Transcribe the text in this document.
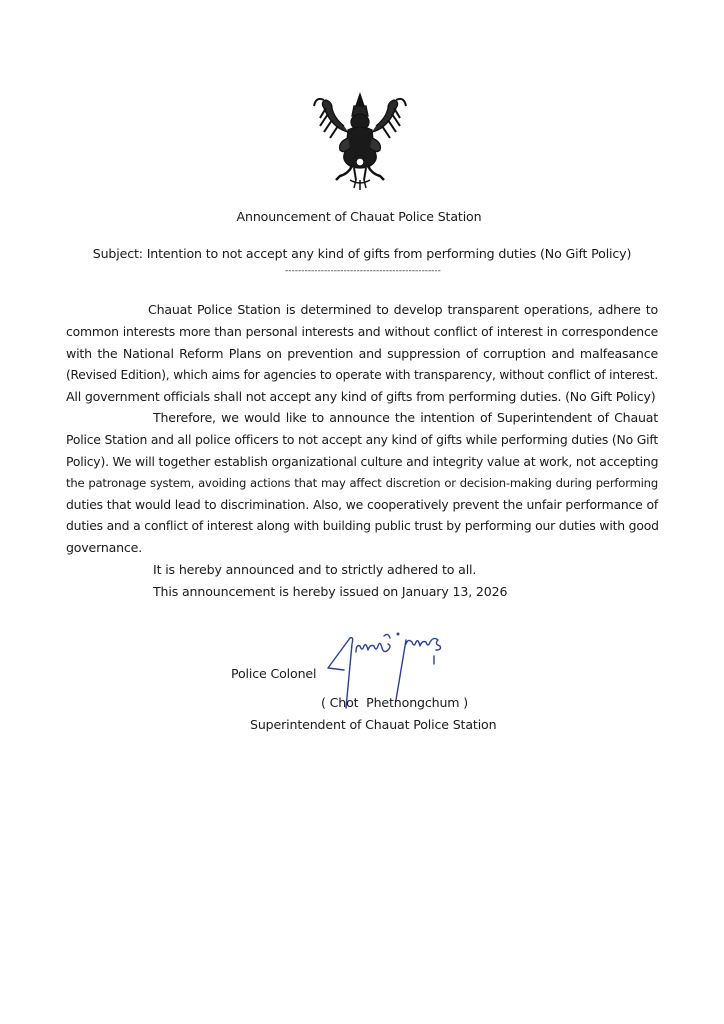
Announcement of Chauat Police Station
Subject: Intention to not accept any kind of gifts from performing duties (No Gift Policy)
------------------------------------------------
Chauat Police Station is determined to develop transparent operations, adhere to
common interests more than personal interests and without conflict of interest in correspondence
with the National Reform Plans on prevention and suppression of corruption and malfeasance
(Revised Edition), which aims for agencies to operate with transparency, without conflict of interest.
All government officials shall not accept any kind of gifts from performing duties. (No Gift Policy)
Therefore, we would like to announce the intention of Superintendent of Chauat
Police Station and all police officers to not accept any kind of gifts while performing duties (No Gift
Policy). We will together establish organizational culture and integrity value at work, not accepting
the patronage system, avoiding actions that may affect discretion or decision-making during performing
duties that would lead to discrimination. Also, we cooperatively prevent the unfair performance of
duties and a conflict of interest along with building public trust by performing our duties with good
governance.
It is hereby announced and to strictly adhered to all.
This announcement is hereby issued on January 13, 2026
Police Colonel
( Chot  Phetnongchum )
Superintendent of Chauat Police Station
